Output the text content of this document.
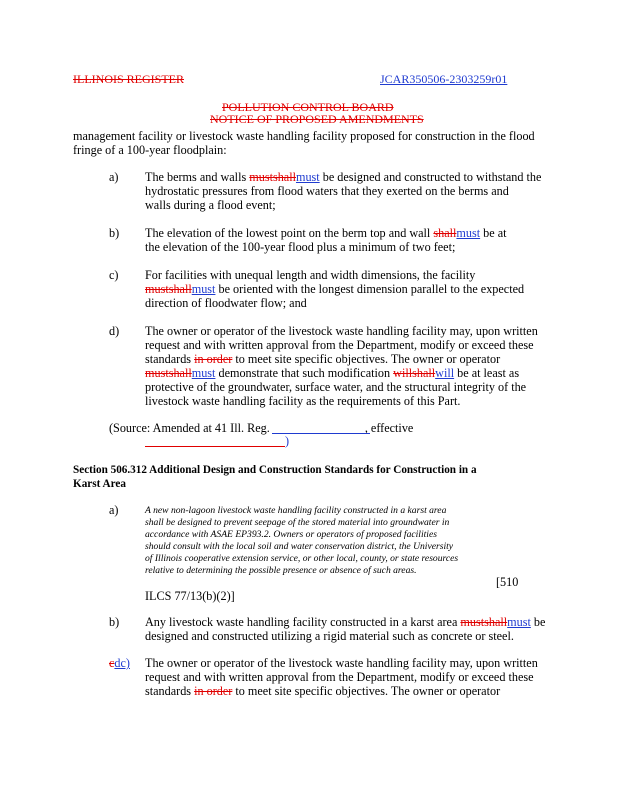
ILLINOIS REGISTER	JCAR350506-2303259r01
POLLUTION CONTROL BOARD
NOTICE OF PROPOSED AMENDMENTS
management facility or livestock waste handling facility proposed for construction in the flood
fringe of a 100-year floodplain:
a) The berms and walls mustshallmust be designed and constructed to withstand the
hydrostatic pressures from flood waters that they exerted on the berms and
walls during a flood event;
b) The elevation of the lowest point on the berm top and wall shallmust be at
the elevation of the 100-year flood plus a minimum of two feet;
c) For facilities with unequal length and width dimensions, the facility
mustshallmust be oriented with the longest dimension parallel to the expected
direction of floodwater flow; and
d) The owner or operator of the livestock waste handling facility may, upon written
request and with written approval from the Department, modify or exceed these
standards in order to meet site specific objectives. The owner or operator
mustshallmust demonstrate that such modification willshallwill be at least as
protective of the groundwater, surface water, and the structural integrity of the
livestock waste handling facility as the requirements of this Part.
(Source: Amended at 41 Ill. Reg.	, effective
)
Section 506.312 Additional Design and Construction Standards for Construction in a
Karst Area
a)	A new non-lagoon livestock waste handling facility constructed in a karst area
shall be designed to prevent seepage of the stored material into groundwater in
accordance with ASAE EP393.2. Owners or operators of proposed facilities
should consult with the local soil and water conservation district, the University
of Illinois cooperative extension service, or other local, county, or state resources
relative to determining the possible presence or absence of such areas.
[510
ILCS 77/13(b)(2)]
b) Any livestock waste handling facility constructed in a karst area mustshallmust be
designed and constructed utilizing a rigid material such as concrete or steel.
cdc) The owner or operator of the livestock waste handling facility may, upon written
request and with written approval from the Department, modify or exceed these
standards in order to meet site specific objectives. The owner or operator
